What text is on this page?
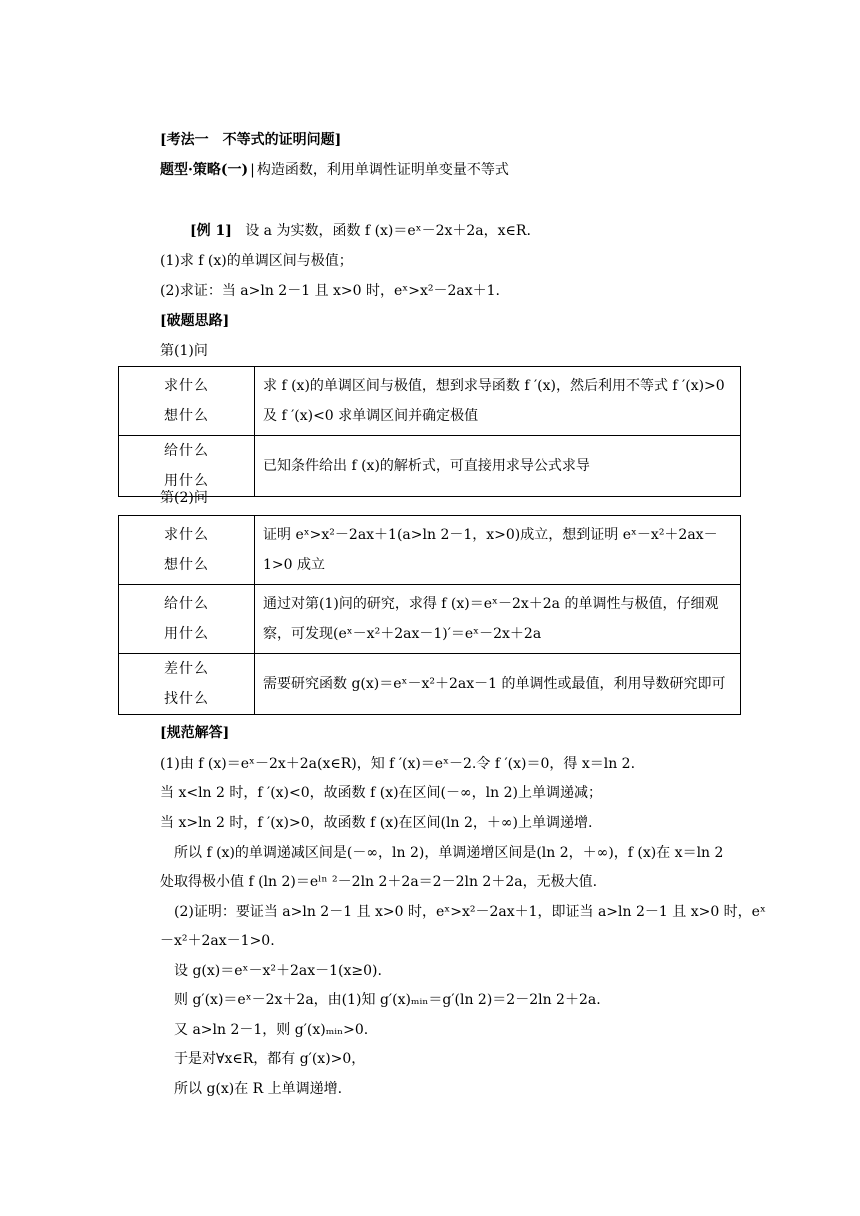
[考法一　不等式的证明问题]
题型·策略(一) | 构造函数，利用单调性证明单变量不等式
[例 1] 设 a 为实数，函数 f (x)＝eˣ－2x＋2a，x∈R.
(1)求 f (x)的单调区间与极值；
(2)求证：当 a>ln 2－1 且 x>0 时，eˣ>x²－2ax＋1.
[破题思路]
第(1)问
求什么
想什么	求 f (x)的单调区间与极值，想到求导函数 f ′(x)，然后利用不等式 f ′(x)>0 及 f ′(x)<0 求单调区间并确定极值

给什么
用什么	已知条件给出 f (x)的解析式，可直接用求导公式求导
第(2)问
求什么
想什么	证明 eˣ>x²－2ax＋1(a>ln 2－1，x>0)成立，想到证明 eˣ－x²＋2ax－1>0 成立

给什么
用什么	通过对第(1)问的研究，求得 f (x)＝eˣ－2x＋2a 的单调性与极值，仔细观察，可发现(eˣ－x²＋2ax－1)′＝eˣ－2x＋2a

差什么
找什么	需要研究函数 g(x)＝eˣ－x²＋2ax－1 的单调性或最值，利用导数研究即可
[规范解答]
(1)由 f (x)＝eˣ－2x＋2a(x∈R)，知 f ′(x)＝eˣ－2.令 f ′(x)＝0，得 x＝ln 2.
当 x<ln 2 时，f ′(x)<0，故函数 f (x)在区间(－∞，ln 2)上单调递减；
当 x>ln 2 时，f ′(x)>0，故函数 f (x)在区间(ln 2，＋∞)上单调递增.
　所以 f (x)的单调递减区间是(－∞，ln 2)，单调递增区间是(ln 2，＋∞)，f (x)在 x＝ln 2
处取得极小值 f (ln 2)＝eˡⁿ ²－2ln 2＋2a＝2－2ln 2＋2a，无极大值.
　(2)证明：要证当 a>ln 2－1 且 x>0 时，eˣ>x²－2ax＋1，即证当 a>ln 2－1 且 x>0 时，eˣ
－x²＋2ax－1>0.
　设 g(x)＝eˣ－x²＋2ax－1(x≥0).
　则 g′(x)＝eˣ－2x＋2a，由(1)知 g′(x)ₘᵢₙ＝g′(ln 2)＝2－2ln 2＋2a.
　又 a>ln 2－1，则 g′(x)ₘᵢₙ>0.
　于是对∀x∈R，都有 g′(x)>0，
　所以 g(x)在 R 上单调递增.
